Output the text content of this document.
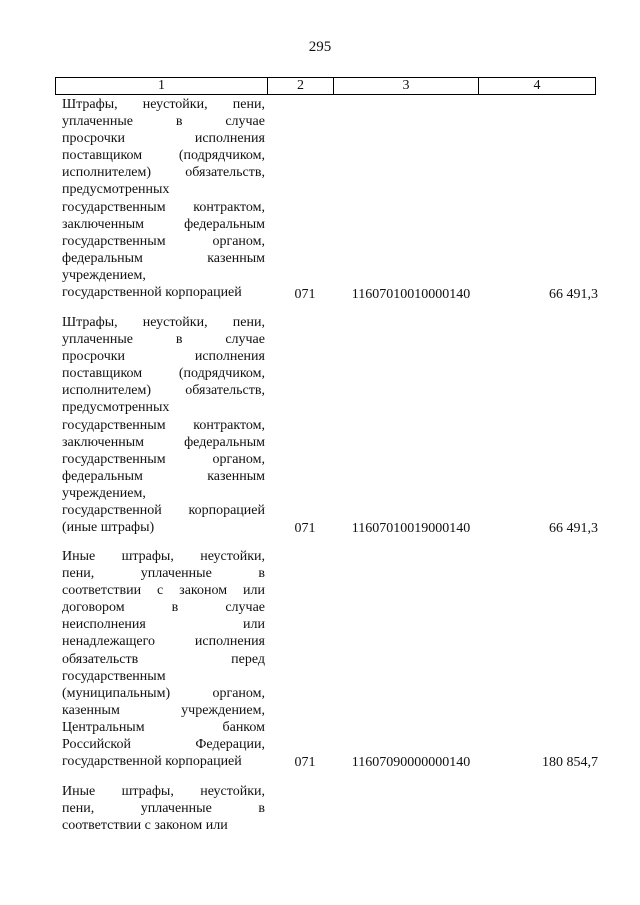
295
1	2	3	4
Штрафы, неустойки, пени,
уплаченные в случае
просрочки исполнения
поставщиком (подрядчиком,
исполнителем) обязательств,
предусмотренных
государственным контрактом,
заключенным федеральным
государственным органом,
федеральным казенным
учреждением,
государственной корпорацией	071	11607010010000140	66 491,3
Штрафы, неустойки, пени,
уплаченные в случае
просрочки исполнения
поставщиком (подрядчиком,
исполнителем) обязательств,
предусмотренных
государственным контрактом,
заключенным федеральным
государственным органом,
федеральным казенным
учреждением,
государственной корпорацией
(иные штрафы)	071	11607010019000140	66 491,3
Иные штрафы, неустойки,
пени, уплаченные в
соответствии с законом или
договором в случае
неисполнения или
ненадлежащего исполнения
обязательств перед
государственным
(муниципальным) органом,
казенным учреждением,
Центральным банком
Российской Федерации,
государственной корпорацией	071	11607090000000140	180 854,7
Иные штрафы, неустойки,
пени, уплаченные в
соответствии с законом или
